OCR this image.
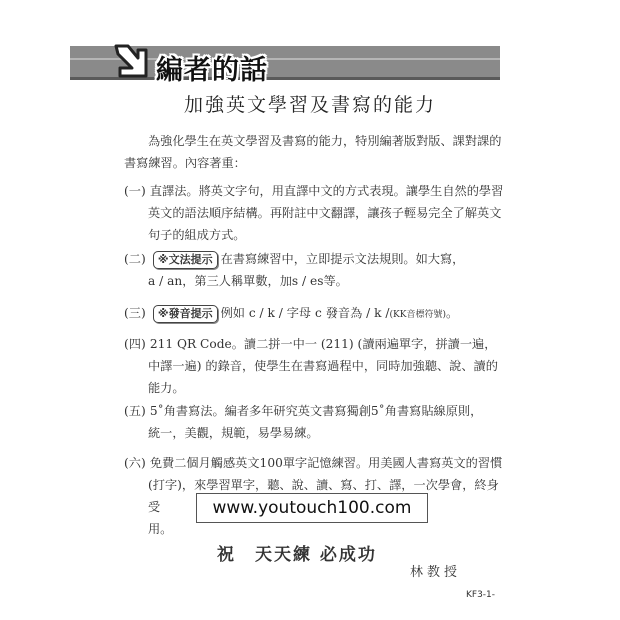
編者的話
加強英文學習及書寫的能力
為強化學生在英文學習及書寫的能力，特別編著版對版、課對課的
書寫練習。內容著重：
(一) 直譯法。將英文字句，用直譯中文的方式表現。讓學生自然的學習
英文的語法順序結構。再附註中文翻譯，讓孩子輕易完全了解英文
句子的組成方式。
(二) ※文法提示 在書寫練習中，立即提示文法規則。如大寫，
a / an，第三人稱單數，加s / es等。
(三) ※發音提示 例如 c / k / 字母 c 發音為 / k /(KK音標符號)。
(四) 211 QR Code。讀二拼一中一 (211) (讀兩遍單字，拼讀一遍，
中譯一遍) 的錄音，使學生在書寫過程中，同時加強聽、說、讀的
能力。
(五) 5˚角書寫法。編者多年研究英文書寫獨創5˚角書寫貼線原則，
統一，美觀，規範，易學易練。
(六) 免費二個月觸感英文100單字記憶練習。用美國人書寫英文的習慣
(打字)，來學習單字，聽、說、讀、寫、打、譯，一次學會，終身受
用。
www.youtouch100.com
祝　天天練 必成功
林教授
KF3-1-
